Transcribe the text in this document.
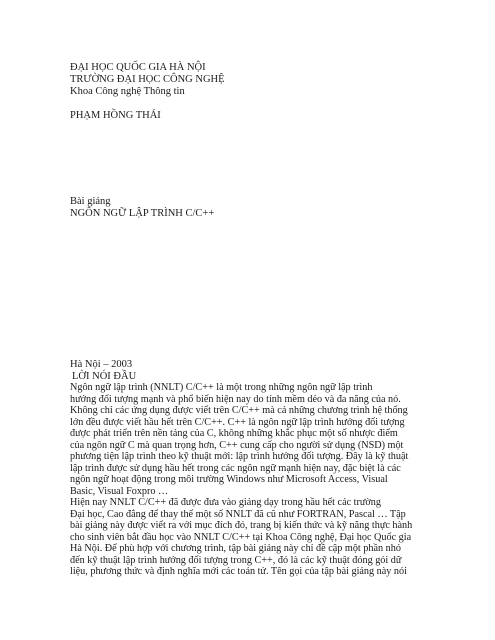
ĐẠI HỌC QUỐC GIA HÀ NỘI
TRƯỜNG ĐẠI HỌC CÔNG NGHỆ
Khoa Công nghệ Thông tin
PHẠM HỒNG THÁI
Bài giảng
NGÔN NGỮ LẬP TRÌNH C/C++
Hà Nội – 2003
LỜI NÓI ĐẦU
Ngôn ngữ lập trình (NNLT) C/C++ là một trong những ngôn ngữ lập trình
hướng đối tượng mạnh và phổ biến hiện nay do tính mềm dẻo và đa năng của nó.
Không chỉ các ứng dụng được viết trên C/C++ mà cả những chương trình hệ thống
lớn đều được viết hầu hết trên C/C++. C++ là ngôn ngữ lập trình hướng đối tượng
được phát triển trên nền tảng của C, không những khắc phục một số nhược điểm
của ngôn ngữ C mà quan trọng hơn, C++ cung cấp cho người sử dụng (NSD) một
phương tiện lập trình theo kỹ thuật mới: lập trình hướng đối tượng. Đây là kỹ thuật
lập trình được sử dụng hầu hết trong các ngôn ngữ mạnh hiện nay, đặc biệt là các
ngôn ngữ hoạt động trong môi trường Windows như Microsoft Access, Visual
Basic, Visual Foxpro …
Hiện nay NNLT C/C++ đã được đưa vào giảng dạy trong hầu hết các trường
Đại học, Cao đẳng để thay thế một số NNLT đã cũ như FORTRAN, Pascal … Tập
bài giảng này được viết ra với mục đích đó, trang bị kiến thức và kỹ năng thực hành
cho sinh viên bắt đầu học vào NNLT C/C++ tại Khoa Công nghệ, Đại học Quốc gia
Hà Nội. Để phù hợp với chương trình, tập bài giảng này chỉ đề cập một phần nhỏ
đến kỹ thuật lập trình hướng đối tượng trong C++, đó là các kỹ thuật đóng gói dữ
liệu, phương thức và định nghĩa mới các toán tử. Tên gọi của tập bài giảng này nói
